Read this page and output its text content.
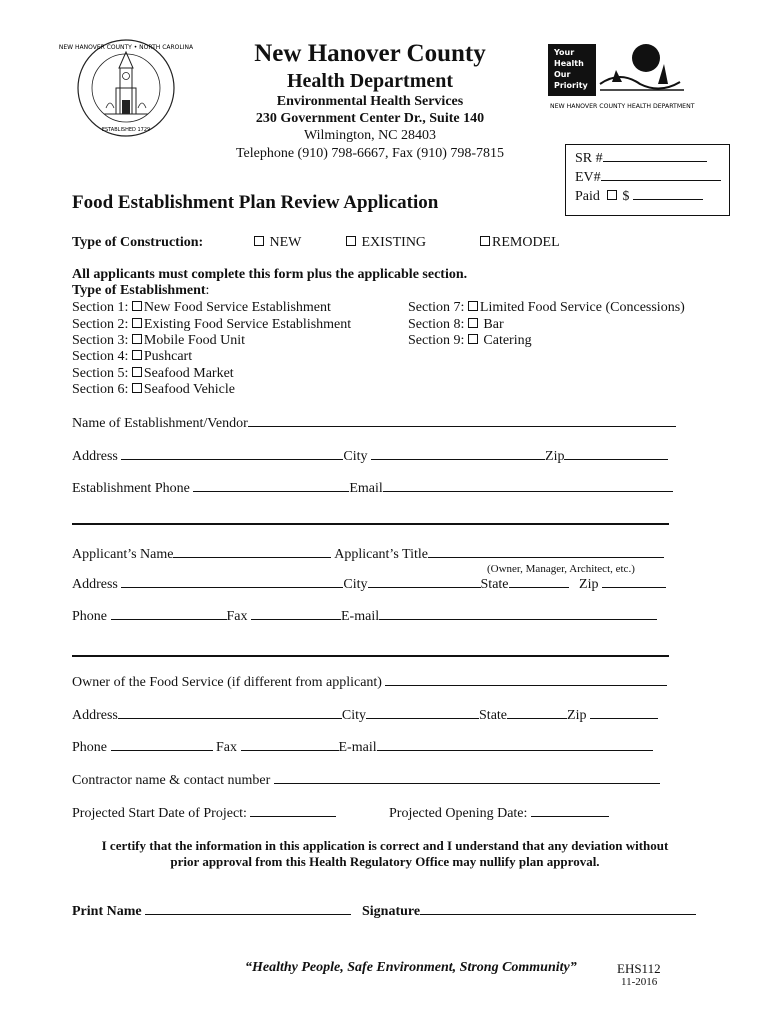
NEW HANOVER COUNTY • NORTH CAROLINA
ESTABLISHED 1729
New Hanover County
Health Department
Environmental Health Services
230 Government Center Dr., Suite 140
Wilmington, NC 28403
Telephone (910) 798-6667, Fax (910) 798-7815
Your
Health
Our
Priority
NEW HANOVER COUNTY HEALTH DEPARTMENT
SR #
EV#
Paid $
Food Establishment Plan Review Application
Type of Construction:	NEW	EXISTING	REMODEL
All applicants must complete this form plus the applicable section.
Type of Establishment:
Section 1: New Food Service Establishment
Section 2: Existing Food Service Establishment
Section 3: Mobile Food Unit
Section 4: Pushcart
Section 5: Seafood Market
Section 6: Seafood Vehicle
Section 7: Limited Food Service (Concessions)
Section 8: Bar
Section 9: Catering
Name of Establishment/Vendor
Address	City	Zip
Establishment Phone	Email
Applicant’s Name	Applicant’s Title
(Owner, Manager, Architect, etc.)
Address	City	State	Zip
Phone	Fax	E-mail
Owner of the Food Service (if different from applicant)
Address	City	State	Zip
Phone	Fax	E-mail
Contractor name & contact number
Projected Start Date of Project:	Projected Opening Date:
I certify that the information in this application is correct and I understand that any deviation without
prior approval from this Health Regulatory Office may nullify plan approval.
Print Name	Signature
“Healthy People, Safe Environment, Strong Community”	EHS112
11-2016
